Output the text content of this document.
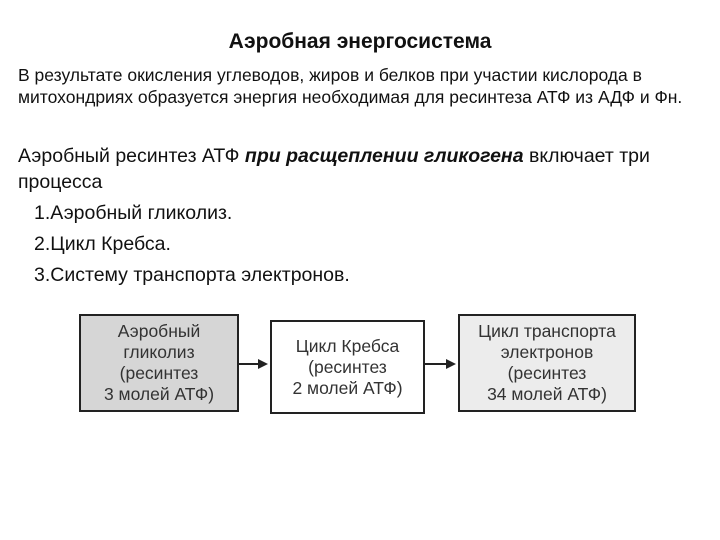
Аэробная энергосистема
В результате окисления углеводов, жиров и белков при участии кислорода в митохондриях образуется энергия необходимая для ресинтеза АТФ из АДФ и Фн.
Аэробный ресинтез АТФ при расщеплении гликогена включает три процесса
1.Аэробный гликолиз.
2.Цикл Кребса.
3.Систему транспорта электронов.
Аэробный
гликолиз
(ресинтез
3 молей АТФ)
Цикл Кребса
(ресинтез
2 молей АТФ)
Цикл транспорта
электронов
(ресинтез
34 молей АТФ)
